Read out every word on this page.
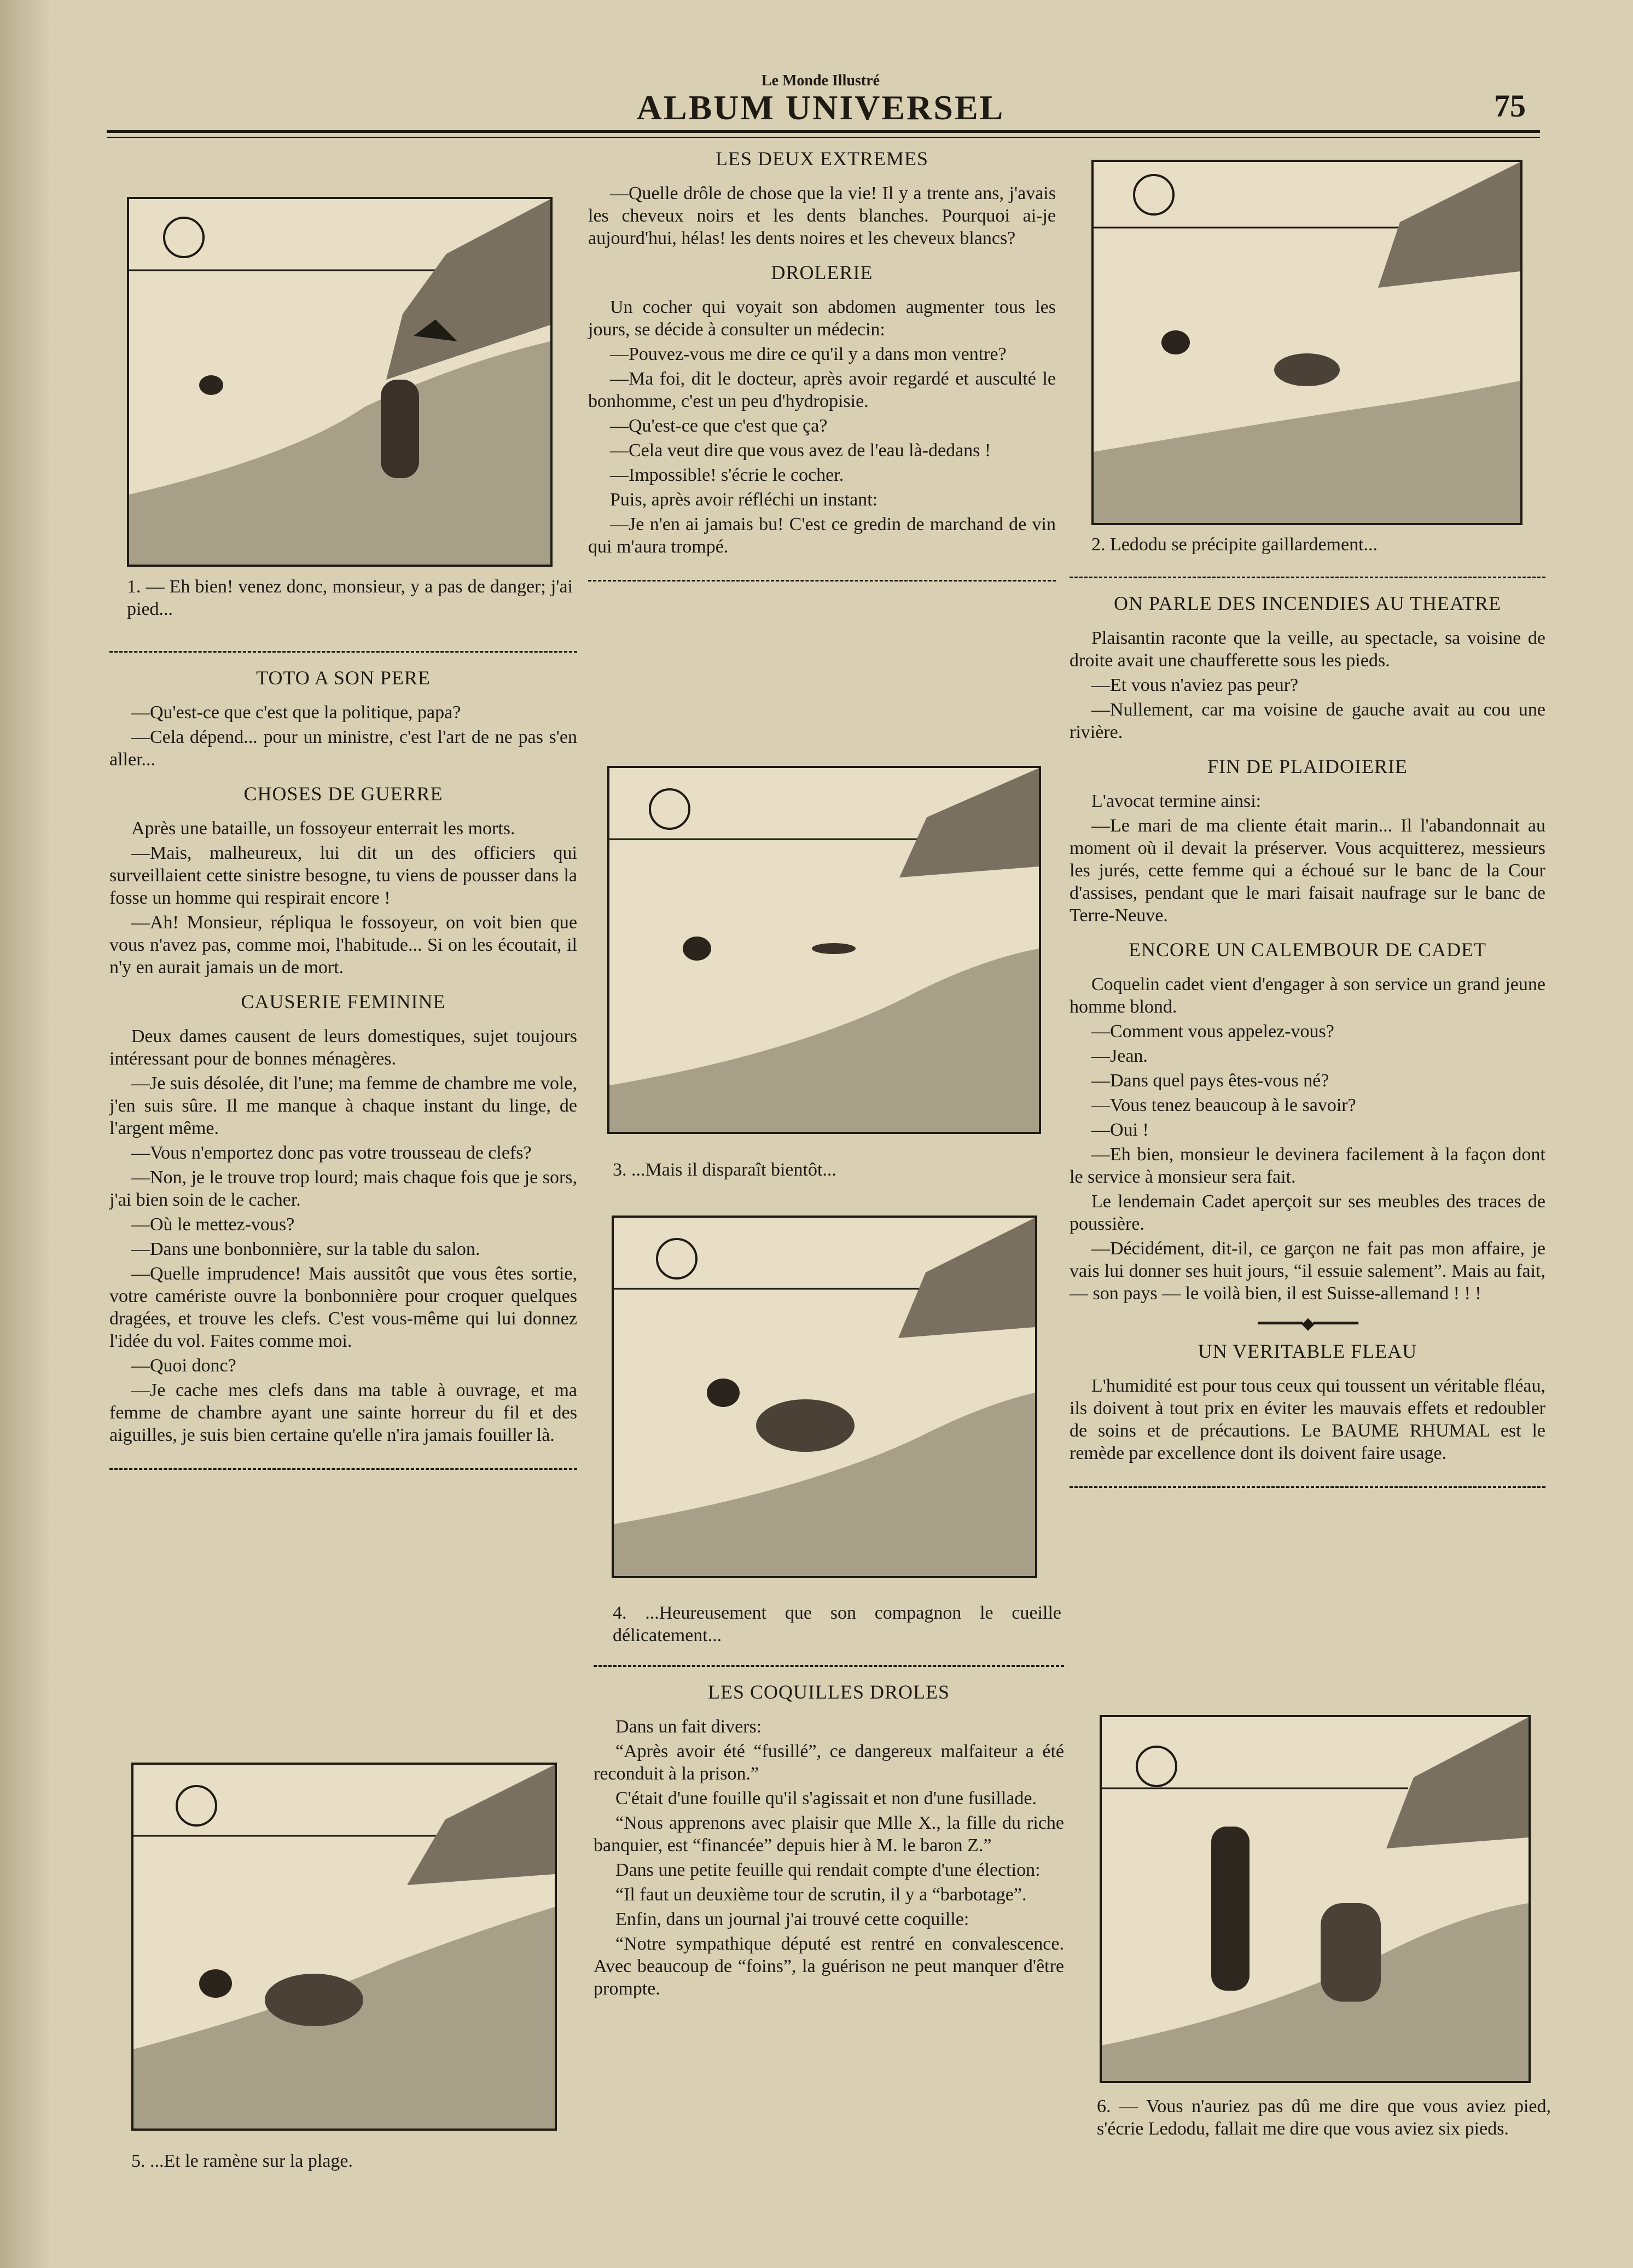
Le Monde Illustré
ALBUM UNIVERSEL	75
1. — Eh bien! venez donc, monsieur, y a pas de danger; j'ai pied...
TOTO A SON PERE

—Qu'est-ce que c'est que la politique, papa?

—Cela dépend... pour un ministre, c'est l'art de ne pas s'en aller...

CHOSES DE GUERRE

Après une bataille, un fossoyeur enterrait les morts.

—Mais, malheureux, lui dit un des officiers qui surveillaient cette sinistre besogne, tu viens de pousser dans la fosse un homme qui respirait encore !

—Ah! Monsieur, répliqua le fossoyeur, on voit bien que vous n'avez pas, comme moi, l'habitude... Si on les écoutait, il n'y en aurait jamais un de mort.

CAUSERIE FEMININE

Deux dames causent de leurs domestiques, sujet toujours intéressant pour de bonnes ménagères.

—Je suis désolée, dit l'une; ma femme de chambre me vole, j'en suis sûre. Il me manque à chaque instant du linge, de l'argent même.

—Vous n'emportez donc pas votre trousseau de clefs?

—Non, je le trouve trop lourd; mais chaque fois que je sors, j'ai bien soin de le cacher.

—Où le mettez-vous?

—Dans une bonbonnière, sur la table du salon.

—Quelle imprudence! Mais aussitôt que vous êtes sortie, votre camériste ouvre la bonbonnière pour croquer quelques dragées, et trouve les clefs. C'est vous-même qui lui donnez l'idée du vol. Faites comme moi.

—Quoi donc?

—Je cache mes clefs dans ma table à ouvrage, et ma femme de chambre ayant une sainte horreur du fil et des aiguilles, je suis bien certaine qu'elle n'ira jamais fouiller là.

5. ...Et le ramène sur la plage.
LES DEUX EXTREMES

—Quelle drôle de chose que la vie! Il y a trente ans, j'avais les cheveux noirs et les dents blanches. Pourquoi ai-je aujourd'hui, hélas! les dents noires et les cheveux blancs?

DROLERIE

Un cocher qui voyait son abdomen augmenter tous les jours, se décide à consulter un médecin:

—Pouvez-vous me dire ce qu'il y a dans mon ventre?

—Ma foi, dit le docteur, après avoir regardé et ausculté le bonhomme, c'est un peu d'hydropisie.

—Qu'est-ce que c'est que ça?

—Cela veut dire que vous avez de l'eau là-dedans !

—Impossible! s'écrie le cocher.

Puis, après avoir réfléchi un instant:

—Je n'en ai jamais bu! C'est ce gredin de marchand de vin qui m'aura trompé.

3. ...Mais il disparaît bientôt...
4. ...Heureusement que son compagnon le cueille délicatement...
LES COQUILLES DROLES

Dans un fait divers:

“Après avoir été “fusillé”, ce dangereux malfaiteur a été reconduit à la prison.”

C'était d'une fouille qu'il s'agissait et non d'une fusillade.

“Nous apprenons avec plaisir que Mlle X., la fille du riche banquier, est “financée” depuis hier à M. le baron Z.”

Dans une petite feuille qui rendait compte d'une élection:

“Il faut un deuxième tour de scrutin, il y a “barbotage”.

Enfin, dans un journal j'ai trouvé cette coquille:

“Notre sympathique député est rentré en convalescence. Avec beaucoup de “foins”, la guérison ne peut manquer d'être prompte.

2. Ledodu se précipite gaillardement...
ON PARLE DES INCENDIES AU THEATRE

Plaisantin raconte que la veille, au spectacle, sa voisine de droite avait une chaufferette sous les pieds.

—Et vous n'aviez pas peur?

—Nullement, car ma voisine de gauche avait au cou une rivière.

FIN DE PLAIDOIERIE

L'avocat termine ainsi:

—Le mari de ma cliente était marin... Il l'abandonnait au moment où il devait la préserver. Vous acquitterez, messieurs les jurés, cette femme qui a échoué sur le banc de la Cour d'assises, pendant que le mari faisait naufrage sur le banc de Terre-Neuve.

ENCORE UN CALEMBOUR DE CADET

Coquelin cadet vient d'engager à son service un grand jeune homme blond.

—Comment vous appelez-vous?

—Jean.

—Dans quel pays êtes-vous né?

—Vous tenez beaucoup à le savoir?

—Oui !

—Eh bien, monsieur le devinera facilement à la façon dont le service à monsieur sera fait.

Le lendemain Cadet aperçoit sur ses meubles des traces de poussière.

—Décidément, dit-il, ce garçon ne fait pas mon affaire, je vais lui donner ses huit jours, “il essuie salement”. Mais au fait, — son pays — le voilà bien, il est Suisse-allemand ! ! !

━━━━━◆━━━━━
UN VERITABLE FLEAU

L'humidité est pour tous ceux qui toussent un véritable fléau, ils doivent à tout prix en éviter les mauvais effets et redoubler de soins et de précautions. Le BAUME RHUMAL est le remède par excellence dont ils doivent faire usage.

6. — Vous n'auriez pas dû me dire que vous aviez pied, s'écrie Ledodu, fallait me dire que vous aviez six pieds.
